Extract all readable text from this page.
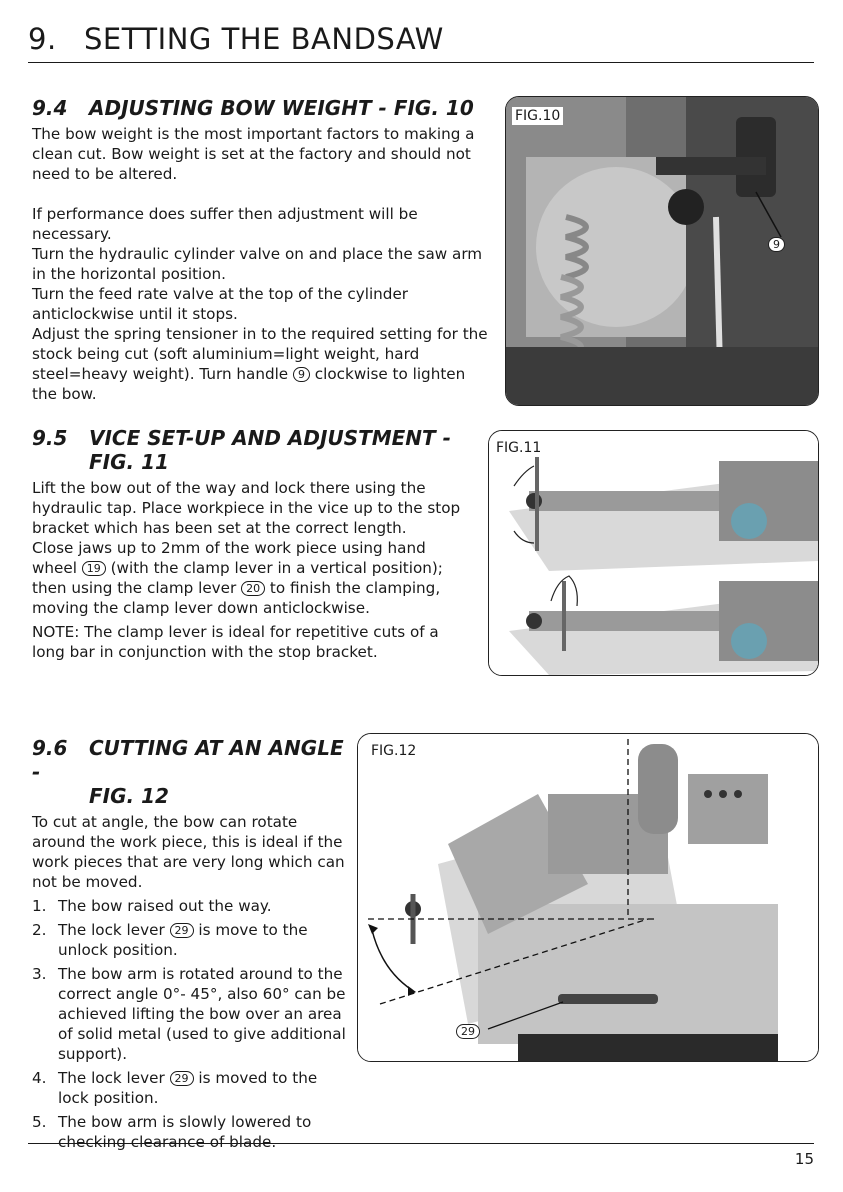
9. SETTING THE BANDSAW
9.4 ADJUSTING BOW WEIGHT - FIG. 10

The bow weight is the most important factors to making a clean cut. Bow weight is set at the factory and should not need to be altered.

If performance does suffer then adjustment will be necessary.

Turn the hydraulic cylinder valve on and place the saw arm in the horizontal position.

Turn the feed rate valve at the top of the cylinder anticlockwise until it stops.

Adjust the spring tensioner in to the required setting for the stock being cut (soft aluminium=light weight, hard steel=heavy weight). Turn handle 9 clockwise to lighten the bow.

FIG.10
9
9.5 VICE SET-UP AND ADJUSTMENT -
FIG. 11

Lift the bow out of the way and lock there using the hydraulic tap. Place workpiece in the vice up to the stop bracket which has been set at the correct length.

Close jaws up to 2mm of the work piece using hand wheel 19 (with the clamp lever in a vertical position); then using the clamp lever 20 to finish the clamping, moving the clamp lever down anticlockwise.

NOTE: The clamp lever is ideal for repetitive cuts of a long bar in conjunction with the stop bracket.

FIG.11
9.6 CUTTING AT AN ANGLE -
FIG. 12

To cut at angle, the bow can rotate around the work piece, this is ideal if the work pieces that are very long which can not be moved.

1. The bow raised out the way.
2. The lock lever 29 is move to the unlock position.
3. The bow arm is rotated around to the correct angle 0°- 45°, also 60° can be achieved lifting the bow over an area of solid metal (used to give additional support).
4. The lock lever 29 is moved to the lock position.
5. The bow arm is slowly lowered to checking clearance of blade.
FIG.12
29
15
